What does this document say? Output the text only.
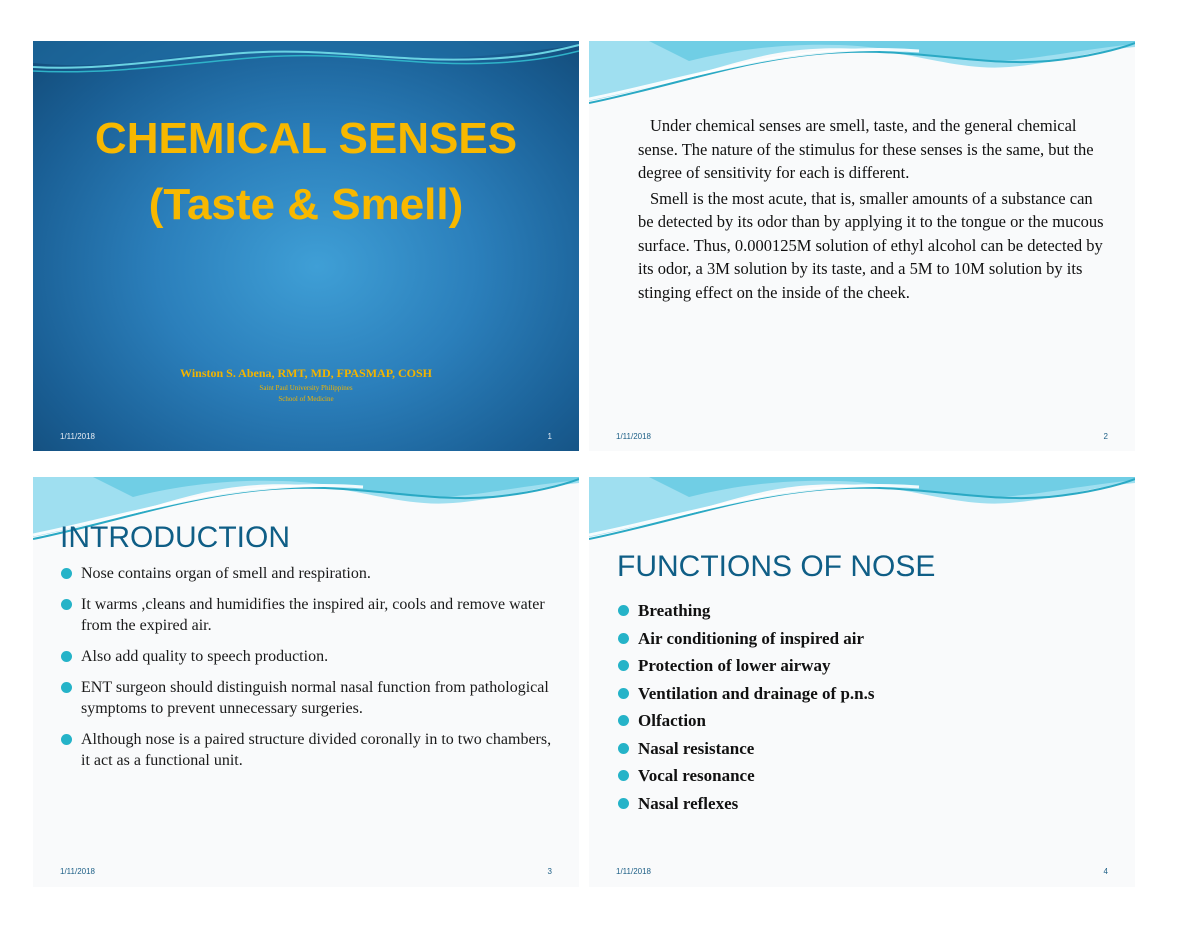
CHEMICAL SENSES
(Taste & Smell)
Winston S. Abena, RMT, MD, FPASMAP, COSH
Saint Paul University Philippines
School of Medicine
1/11/2018	1

Under chemical senses are smell, taste, and the general chemical sense. The nature of the stimulus for these senses is the same, but the degree of sensitivity for each is different.

Smell is the most acute, that is, smaller amounts of a substance can be detected by its odor than by applying it to the tongue or the mucous surface. Thus, 0.000125M solution of ethyl alcohol can be detected by its odor, a 3M solution by its taste, and a 5M to 10M solution by its stinging effect on the inside of the cheek.

1/11/2018	2
INTRODUCTION
Nose contains organ of smell and respiration.
It warms ,cleans and humidifies the inspired air, cools and remove water from the expired air.
Also add quality to speech production.
ENT surgeon should distinguish normal nasal function from pathological symptoms to prevent unnecessary surgeries.
Although nose is a paired structure divided coronally in to two chambers, it act as a functional unit.
1/11/2018	3
FUNCTIONS OF NOSE
Breathing
Air conditioning of inspired air
Protection of lower airway
Ventilation and drainage of p.n.s
Olfaction
Nasal resistance
Vocal resonance
Nasal reflexes
1/11/2018	4
